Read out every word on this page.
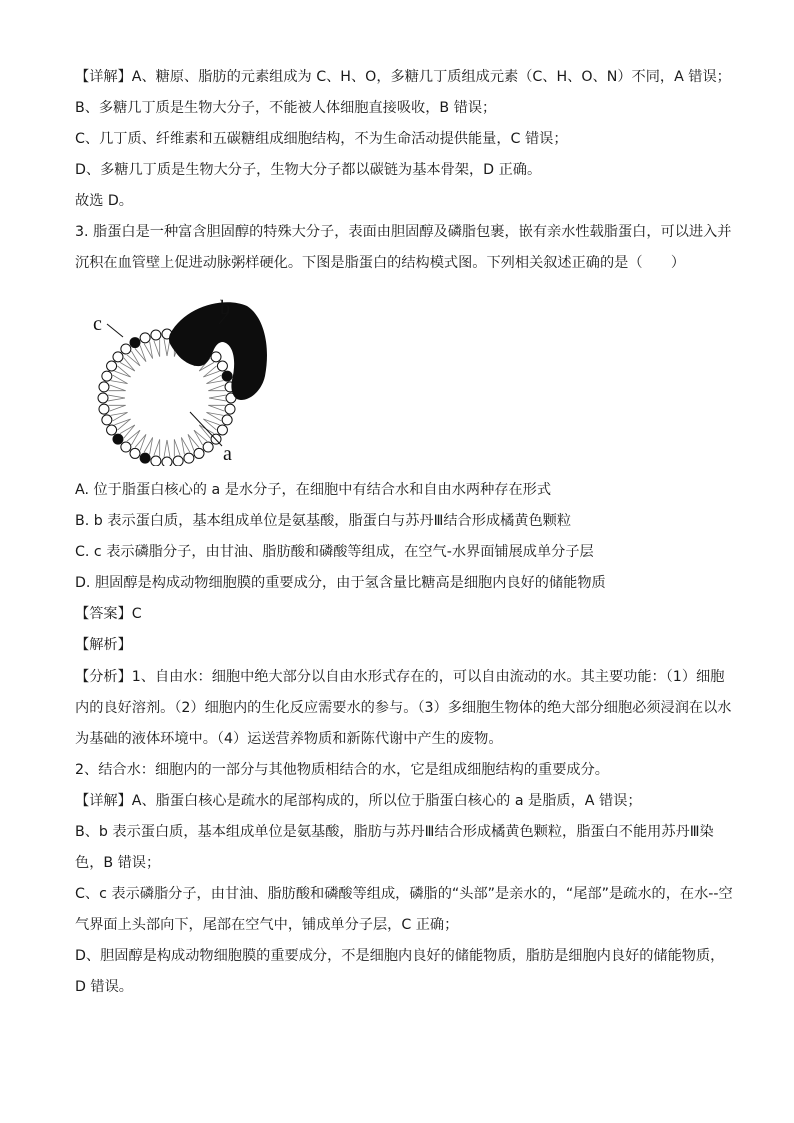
【详解】A、糖原、脂肪的元素组成为 C、H、O，多糖几丁质组成元素（C、H、O、N）不同，A 错误；
B、多糖几丁质是生物大分子，不能被人体细胞直接吸收，B 错误；
C、几丁质、纤维素和五碳糖组成细胞结构，不为生命活动提供能量，C 错误；
D、多糖几丁质是生物大分子，生物大分子都以碳链为基本骨架，D 正确。
故选 D。
3. 脂蛋白是一种富含胆固醇的特殊大分子，表面由胆固醇及磷脂包裹，嵌有亲水性载脂蛋白，可以进入并
沉积在血管壁上促进动脉粥样硬化。下图是脂蛋白的结构模式图。下列相关叙述正确的是（　　）
b
c
a
A. 位于脂蛋白核心的 a 是水分子，在细胞中有结合水和自由水两种存在形式
B. b 表示蛋白质，基本组成单位是氨基酸，脂蛋白与苏丹Ⅲ结合形成橘黄色颗粒
C. c 表示磷脂分子，由甘油、脂肪酸和磷酸等组成，在空气-水界面铺展成单分子层
D. 胆固醇是构成动物细胞膜的重要成分，由于氢含量比糖高是细胞内良好的储能物质
【答案】C
【解析】
【分析】1、自由水：细胞中绝大部分以自由水形式存在的，可以自由流动的水。其主要功能：（1）细胞
内的良好溶剂。（2）细胞内的生化反应需要水的参与。（3）多细胞生物体的绝大部分细胞必须浸润在以水
为基础的液体环境中。（4）运送营养物质和新陈代谢中产生的废物。
2、结合水：细胞内的一部分与其他物质相结合的水，它是组成细胞结构的重要成分。
【详解】A、脂蛋白核心是疏水的尾部构成的，所以位于脂蛋白核心的 a 是脂质，A 错误；
B、b 表示蛋白质，基本组成单位是氨基酸，脂肪与苏丹Ⅲ结合形成橘黄色颗粒，脂蛋白不能用苏丹Ⅲ染
色，B 错误；
C、c 表示磷脂分子，由甘油、脂肪酸和磷酸等组成，磷脂的“头部”是亲水的，“尾部”是疏水的，在水--空
气界面上头部向下，尾部在空气中，铺成单分子层，C 正确；
D、胆固醇是构成动物细胞膜的重要成分，不是细胞内良好的储能物质，脂肪是细胞内良好的储能物质，
D 错误。
